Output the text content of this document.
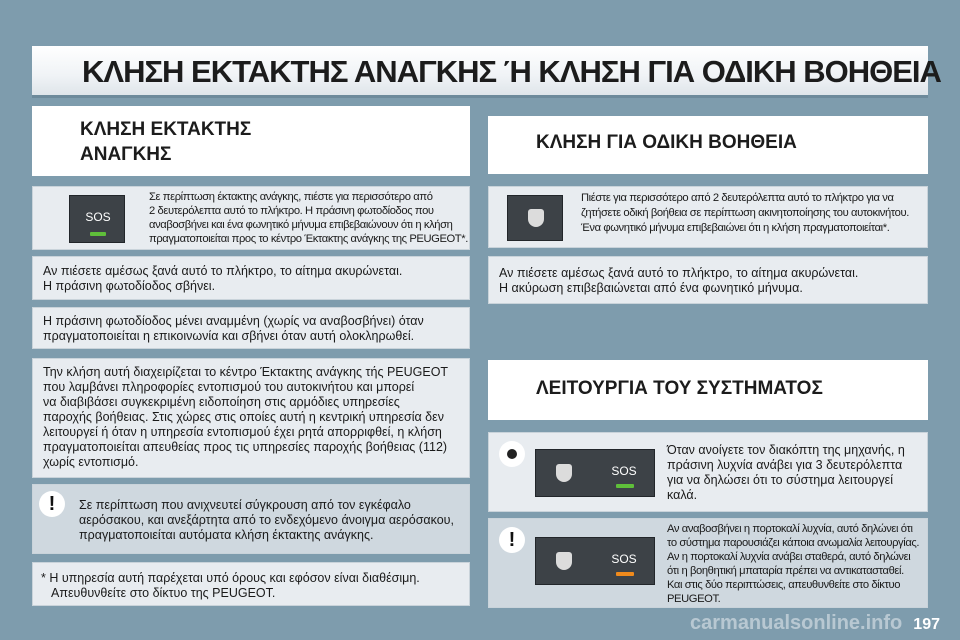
ΚΛΗΣΗ ΕΚΤΑΚΤΗΣ ΑΝΑΓΚΗΣ Ή ΚΛΗΣΗ ΓΙΑ ΟΔΙΚΗ ΒΟΗΘΕΙΑ
ΚΛΗΣΗ ΕΚΤΑΚΤΗΣ
ΑΝΑΓΚΗΣ
SOS

Σε περίπτωση έκτακτης ανάγκης, πιέστε για περισσότερο από

2 δευτερόλεπτα αυτό το πλήκτρο. Η πράσινη φωτοδίοδος που

αναβοσβήνει και ένα φωνητικό μήνυμα επιβεβαιώνουν ότι η κλήση

πραγματοποιείται προς το κέντρο Έκτακτης ανάγκης της PEUGEOT*.

Αν πιέσετε αμέσως ξανά αυτό το πλήκτρο, το αίτημα ακυρώνεται.

Η πράσινη φωτοδίοδος σβήνει.

Η πράσινη φωτοδίοδος μένει αναμμένη (χωρίς να αναβοσβήνει) όταν

πραγματοποιείται η επικοινωνία και σβήνει όταν αυτή ολοκληρωθεί.

Την κλήση αυτή διαχειρίζεται το κέντρο Έκτακτης ανάγκης τής PEUGEOT

που λαμβάνει πληροφορίες εντοπισμού του αυτοκινήτου και μπορεί

να διαβιβάσει συγκεκριμένη ειδοποίηση στις αρμόδιες υπηρεσίες

παροχής βοήθειας. Στις χώρες στις οποίες αυτή η κεντρική υπηρεσία δεν

λειτουργεί ή όταν η υπηρεσία εντοπισμού έχει ρητά απορριφθεί, η κλήση

πραγματοποιείται απευθείας προς τις υπηρεσίες παροχής βοήθειας (112)

χωρίς εντοπισμό.

!	Σε περίπτωση που ανιχνευτεί σύγκρουση από τον εγκέφαλο

αερόσακου, και ανεξάρτητα από το ενδεχόμενο άνοιγμα αερόσακου,

πραγματοποιείται αυτόματα κλήση έκτακτης ανάγκης.

* Η υπηρεσία αυτή παρέχεται υπό όρους και εφόσον είναι διαθέσιμη.

Απευθυνθείτε στο δίκτυο της PEUGEOT.

ΚΛΗΣΗ ΓΙΑ ΟΔΙΚΗ ΒΟΗΘΕΙΑ

Πιέστε για περισσότερο από 2 δευτερόλεπτα αυτό το πλήκτρο για να

ζητήσετε οδική βοήθεια σε περίπτωση ακινητοποίησης του αυτοκινήτου.

Ένα φωνητικό μήνυμα επιβεβαιώνει ότι η κλήση πραγματοποιείται*.

Αν πιέσετε αμέσως ξανά αυτό το πλήκτρο, το αίτημα ακυρώνεται.

Η ακύρωση επιβεβαιώνεται από ένα φωνητικό μήνυμα.

ΛΕΙΤΟΥΡΓΙΑ ΤΟΥ ΣΥΣΤΗΜΑΤΟΣ
SOS

Όταν ανοίγετε τον διακόπτη της μηχανής, η

πράσινη λυχνία ανάβει για 3 δευτερόλεπτα

για να δηλώσει ότι το σύστημα λειτουργεί

καλά.

!
SOS

Αν αναβοσβήνει η πορτοκαλί λυχνία, αυτό δηλώνει ότι

το σύστημα παρουσιάζει κάποια ανωμαλία λειτουργίας.

Αν η πορτοκαλί λυχνία ανάβει σταθερά, αυτό δηλώνει

ότι η βοηθητική μπαταρία πρέπει να αντικατασταθεί.

Και στις δύο περιπτώσεις, απευθυνθείτε στο δίκτυο

PEUGEOT.

carmanualsonline.info 197
